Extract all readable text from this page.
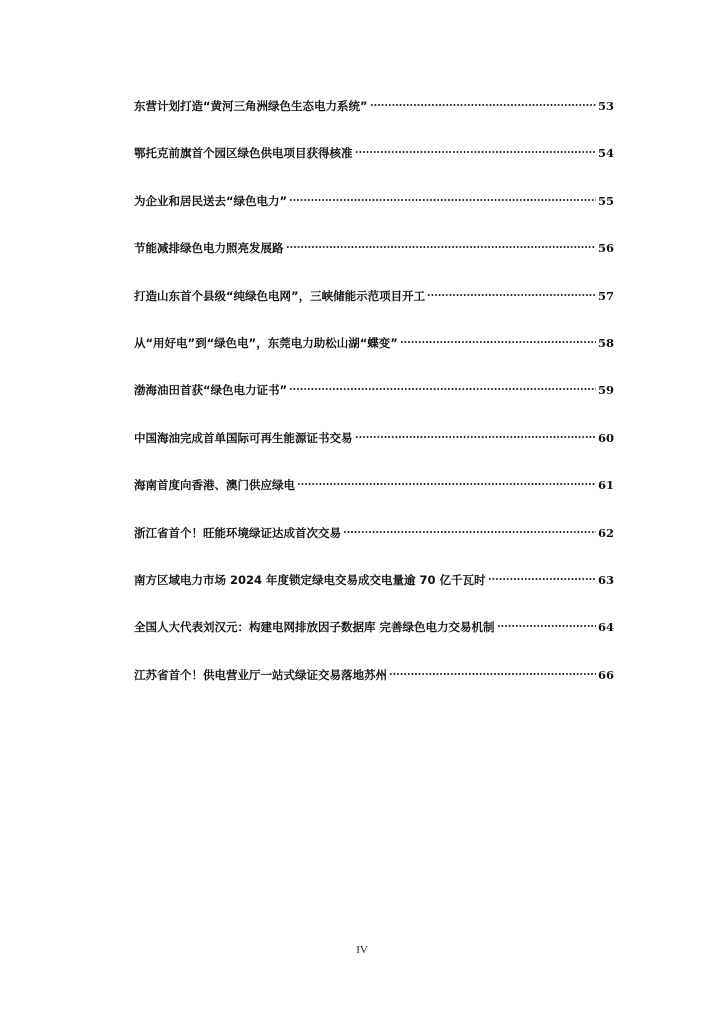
东营计划打造“黄河三角洲绿色生态电力系统”	53
鄂托克前旗首个园区绿色供电项目获得核准	54
为企业和居民送去“绿色电力”	55
节能减排绿色电力照亮发展路	56
打造山东首个县级“纯绿色电网”，三峡储能示范项目开工	57
从“用好电”到“绿色电”，东莞电力助松山湖“蝶变”	58
渤海油田首获“绿色电力证书”	59
中国海油完成首单国际可再生能源证书交易	60
海南首度向香港、澳门供应绿电	61
浙江省首个！旺能环境绿证达成首次交易	62
南方区域电力市场 2024 年度锁定绿电交易成交电量逾 70 亿千瓦时	63
全国人大代表刘汉元：构建电网排放因子数据库 完善绿色电力交易机制	64
江苏省首个！供电营业厅一站式绿证交易落地苏州	66
IV
